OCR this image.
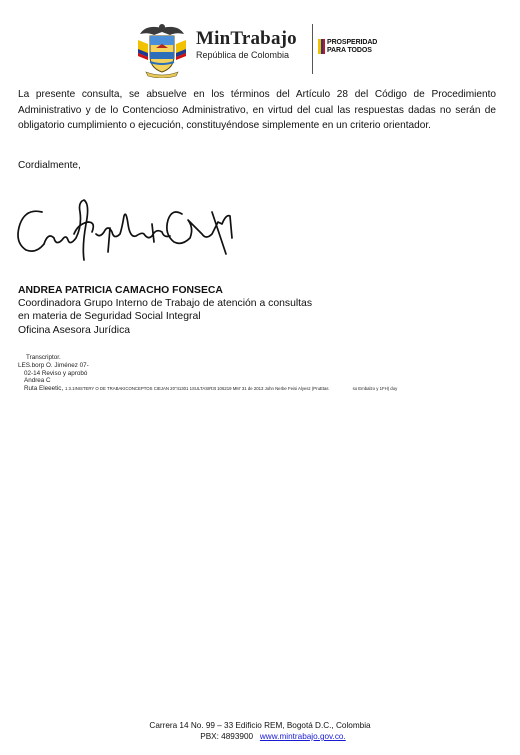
MinTrabajo
República de Colombia
PROSPERIDAD
PARA TODOS
La presente consulta, se absuelve en los términos del Artículo 28 del Código de Procedimiento
Administrativo y de lo Contencioso Administrativo, en virtud del cual las respuestas dadas no serán de
obligatorio cumplimiento o ejecución, constituyéndose simplemente en un criterio orientador.
Cordialmente,
ANDREA PATRICIA CAMACHO FONSECA
Coordinadora Grupo Interno de Trabajo de atención a consultas
en materia de Seguridad Social Integral
Oficina Asesora Jurídica
Transcriptor.
LES.borp O. Jiménez 07-
02-14 Reviso y aprobó
Andrea C
Ruta Eleeetic, 1 3.1INISTERY O DE TRABAKICONCEPTOS CIEJAN 20"41301 1SULTASIR3t 106219 MM' 31 de 2013 John Nerbe Feisi Alyesz (PruEtas	so Embalzo y 1FH) doy
Carrera 14 No. 99 – 33 Edificio REM, Bogotá D.C., Colombia
PBX: 4893900 www.mintrabajo.gov.co.
